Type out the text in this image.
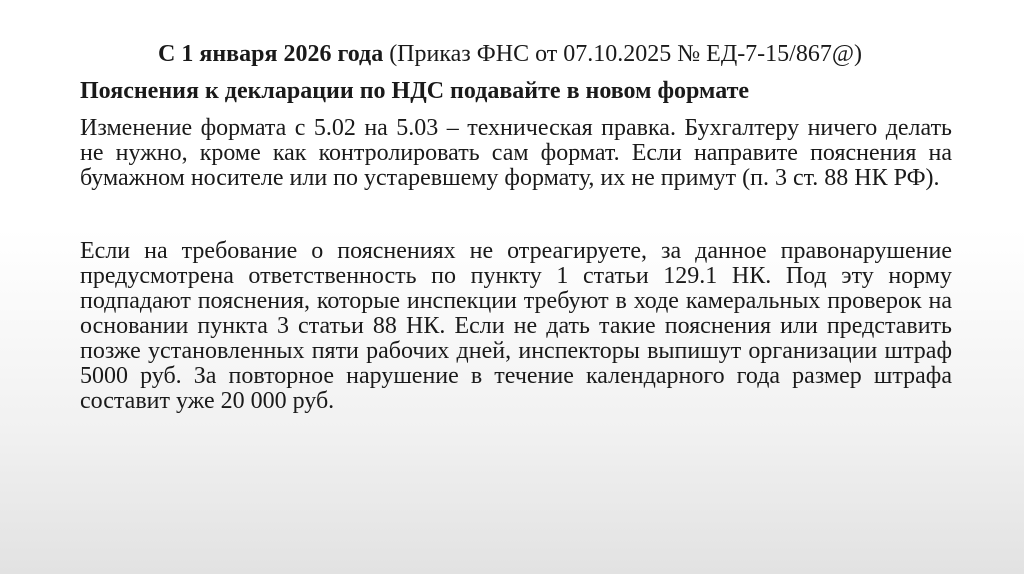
С 1 января 2026 года (Приказ ФНС от 07.10.2025 № ЕД-7-15/867@)

Пояснения к декларации по НДС подавайте в новом формате

Изменение формата с 5.02 на 5.03 – техническая правка. Бухгалтеру ничего делать не нужно, кроме как контролировать сам формат. Если направите пояснения на бумажном носителе или по устаревшему формату, их не примут (п. 3 ст. 88 НК РФ).

Если на требование о пояснениях не отреагируете, за данное правонарушение предусмотрена ответственность по пункту 1 статьи 129.1 НК. Под эту норму подпадают пояснения, которые инспекции требуют в ходе камеральных проверок на основании пункта 3 статьи 88 НК. Если не дать такие пояснения или представить позже установленных пяти рабочих дней, инспекторы выпишут организации штраф 5000 руб. За повторное нарушение в течение календарного года размер штрафа составит уже 20 000 руб.
